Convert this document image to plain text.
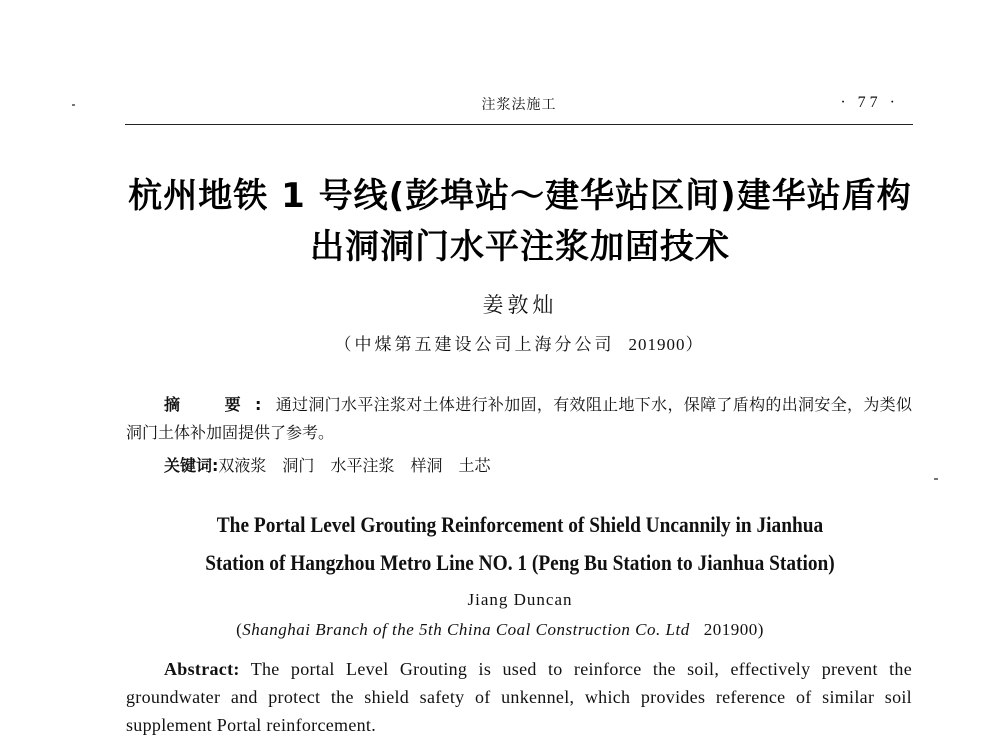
注浆法施工	· 77 ·
杭州地铁 1 号线(彭埠站～建华站区间)建华站盾构
出洞洞门水平注浆加固技术
姜敦灿
（中煤第五建设公司上海分公司 201900）
摘　要:通过洞门水平注浆对土体进行补加固，有效阻止地下水，保障了盾构的出洞安全，为类似洞门土体补加固提供了参考。
关键词:双液浆 洞门 水平注浆 样洞 土芯
The Portal Level Grouting Reinforcement of Shield Uncannily in Jianhua
Station of Hangzhou Metro Line NO. 1 (Peng Bu Station to Jianhua Station)
Jiang Duncan
(Shanghai Branch of the 5th China Coal Construction Co. Ltd 201900)
Abstract: The portal Level Grouting is used to reinforce the soil, effectively prevent the groundwater and protect the shield safety of unkennel, which provides reference of similar soil supplement Portal reinforcement.
